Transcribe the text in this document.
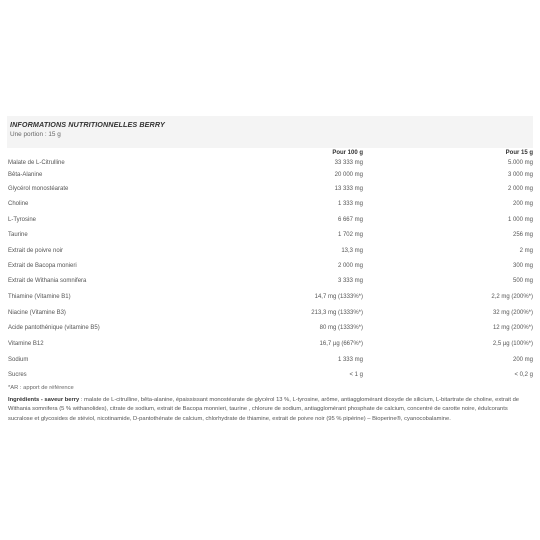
INFORMATIONS NUTRITIONNELLES BERRY
Une portion : 15 g
	Pour 100 g	Pour 15 g
Malate de L-Citrulline	33 333 mg	5.000 mg
Bêta-Alanine	20 000 mg	3 000 mg
Glycérol monostéarate	13 333 mg	2 000 mg
Choline	1 333 mg	200 mg
L-Tyrosine	6 667 mg	1 000 mg
Taurine	1 702 mg	256 mg
Extrait de poivre noir	13,3 mg	2 mg
Extrait de Bacopa monieri	2 000 mg	300 mg
Extrait de Withania somnifera	3 333 mg	500 mg
Thiamine (Vitamine B1)	14,7 mg (1333%*)	2,2 mg (200%*)
Niacine (Vitamine B3)	213,3 mg (1333%*)	32 mg (200%*)
Acide pantothénique (vitamine B5)	80 mg (1333%*)	12 mg (200%*)
Vitamine B12	16,7 µg (667%*)	2,5 µg (100%*)
Sodium	1 333 mg	200 mg
Sucres	< 1 g	< 0,2 g
*AR : apport de référence
Ingrédients - saveur berry : malate de L-citrulline, bêta-alanine, épaississant monostéarate de glycérol 13 %, L-tyrosine, arôme, antiagglomérant dioxyde de silicium, L-bitartrate de choline, extrait de Withania somnifera (5 % withanolides), citrate de sodium, extrait de Bacopa monnieri, taurine , chlorure de sodium, antiagglomérant phosphate de calcium, concentré de carotte noire, édulcorants sucralose et glycosides de stéviol, nicotinamide, D-pantothénate de calcium, chlorhydrate de thiamine, extrait de poivre noir (95 % pipérine) – Bioperine®, cyanocobalamine.
